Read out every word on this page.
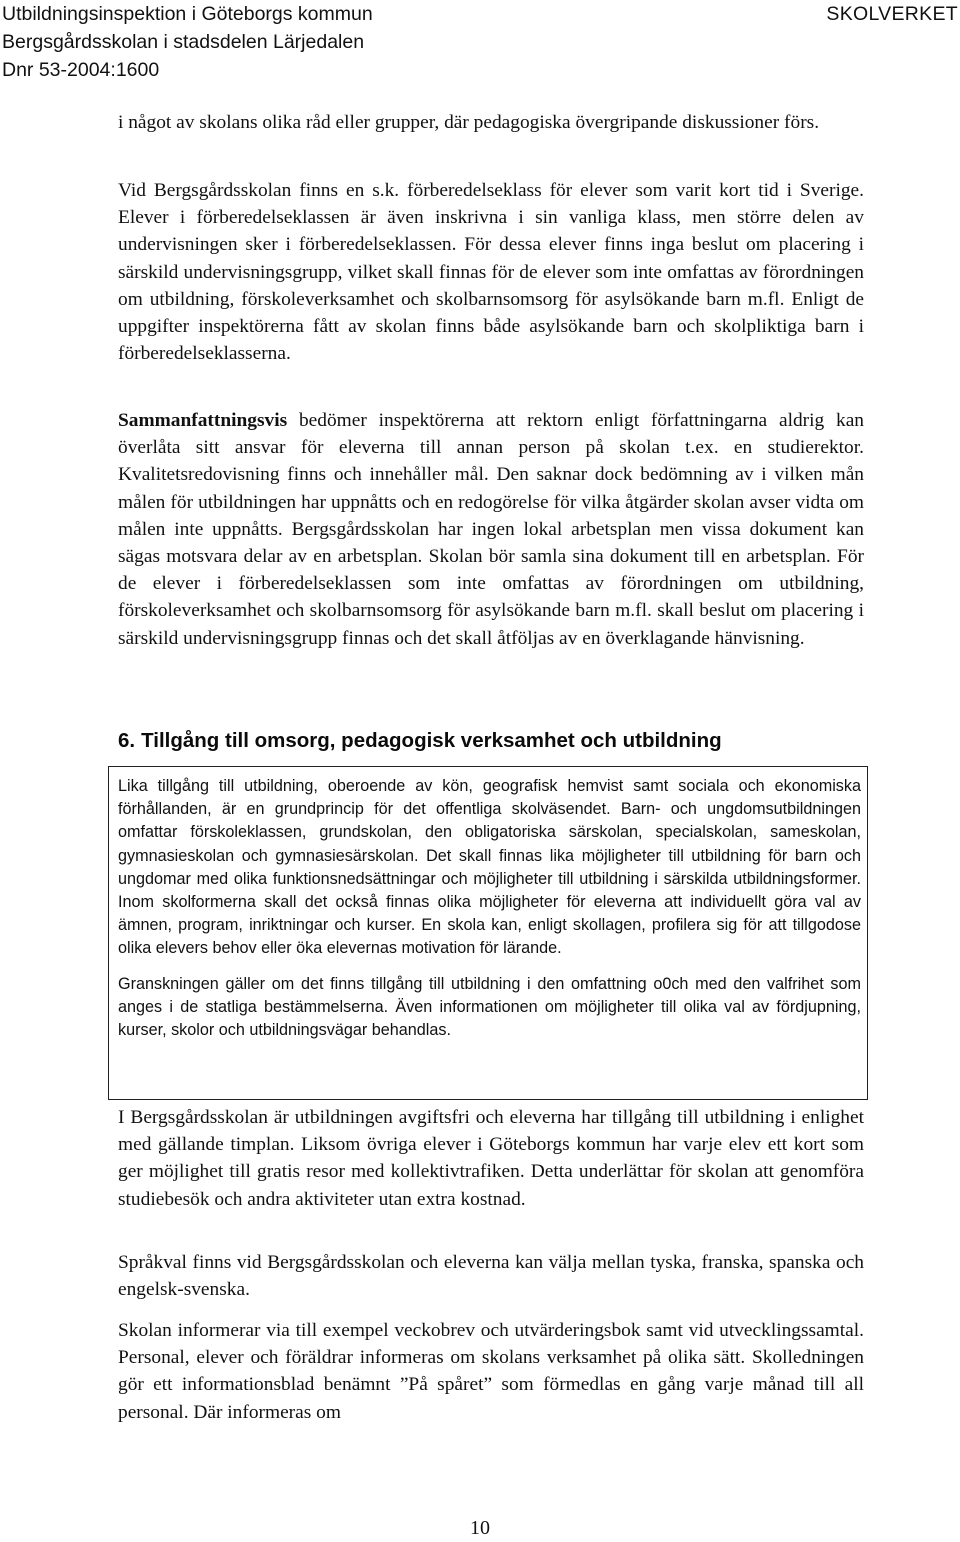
Utbildningsinspektion i Göteborgs kommun
Bergsgårdsskolan i stadsdelen Lärjedalen
Dnr 53-2004:1600
SKOLVERKET

i något av skolans olika råd eller grupper, där pedagogiska övergripande diskussioner förs.

Vid Bergsgårdsskolan finns en s.k. förberedelseklass för elever som varit kort tid i Sverige. Elever i förberedelseklassen är även inskrivna i sin vanliga klass, men större delen av undervisningen sker i förberedelseklassen. För dessa elever finns inga beslut om placering i särskild undervisningsgrupp, vilket skall finnas för de elever som inte omfattas av förordningen om utbildning, förskoleverksamhet och skolbarnsomsorg för asylsökande barn m.fl. Enligt de uppgifter inspektörerna fått av skolan finns både asylsökande barn och skolpliktiga barn i förberedelseklasserna.

Sammanfattningsvis bedömer inspektörerna att rektorn enligt författningarna aldrig kan överlåta sitt ansvar för eleverna till annan person på skolan t.ex. en studierektor. Kvalitetsredovisning finns och innehåller mål. Den saknar dock bedömning av i vilken mån målen för utbildningen har uppnåtts och en redogörelse för vilka åtgärder skolan avser vidta om målen inte uppnåtts. Bergsgårdsskolan har ingen lokal arbetsplan men vissa dokument kan sägas motsvara delar av en arbetsplan. Skolan bör samla sina dokument till en arbetsplan. För de elever i förberedelseklassen som inte omfattas av förordningen om utbildning, förskoleverksamhet och skolbarnsomsorg för asylsökande barn m.fl. skall beslut om placering i särskild undervisningsgrupp finnas och det skall åtföljas av en överklagande hänvisning.

6. Tillgång till omsorg, pedagogisk verksamhet och utbildning

Lika tillgång till utbildning, oberoende av kön, geografisk hemvist samt sociala och ekonomiska förhållanden, är en grundprincip för det offentliga skolväsendet. Barn- och ungdomsutbildningen omfattar förskoleklassen, grundskolan, den obligatoriska särskolan, specialskolan, sameskolan, gymnasieskolan och gymnasiesärskolan. Det skall finnas lika möjligheter till utbildning för barn och ungdomar med olika funktionsnedsättningar och möjligheter till utbildning i särskilda utbildningsformer. Inom skolformerna skall det också finnas olika möjligheter för eleverna att individuellt göra val av ämnen, program, inriktningar och kurser. En skola kan, enligt skollagen, profilera sig för att tillgodose olika elevers behov eller öka elevernas motivation för lärande.

Granskningen gäller om det finns tillgång till utbildning i den omfattning o0ch med den valfrihet som anges i de statliga bestämmelserna. Även informationen om möjligheter till olika val av fördjupning, kurser, skolor och utbildningsvägar behandlas.

I Bergsgårdsskolan är utbildningen avgiftsfri och eleverna har tillgång till utbildning i enlighet med gällande timplan. Liksom övriga elever i Göteborgs kommun har varje elev ett kort som ger möjlighet till gratis resor med kollektivtrafiken. Detta underlättar för skolan att genomföra studiebesök och andra aktiviteter utan extra kostnad.

Språkval finns vid Bergsgårdsskolan och eleverna kan välja mellan tyska, franska, spanska och engelsk-svenska.

Skolan informerar via till exempel veckobrev och utvärderingsbok samt vid utvecklingssamtal. Personal, elever och föräldrar informeras om skolans verksamhet på olika sätt. Skolledningen gör ett informationsblad benämnt ”På spåret” som förmedlas en gång varje månad till all personal. Där informeras om

10
